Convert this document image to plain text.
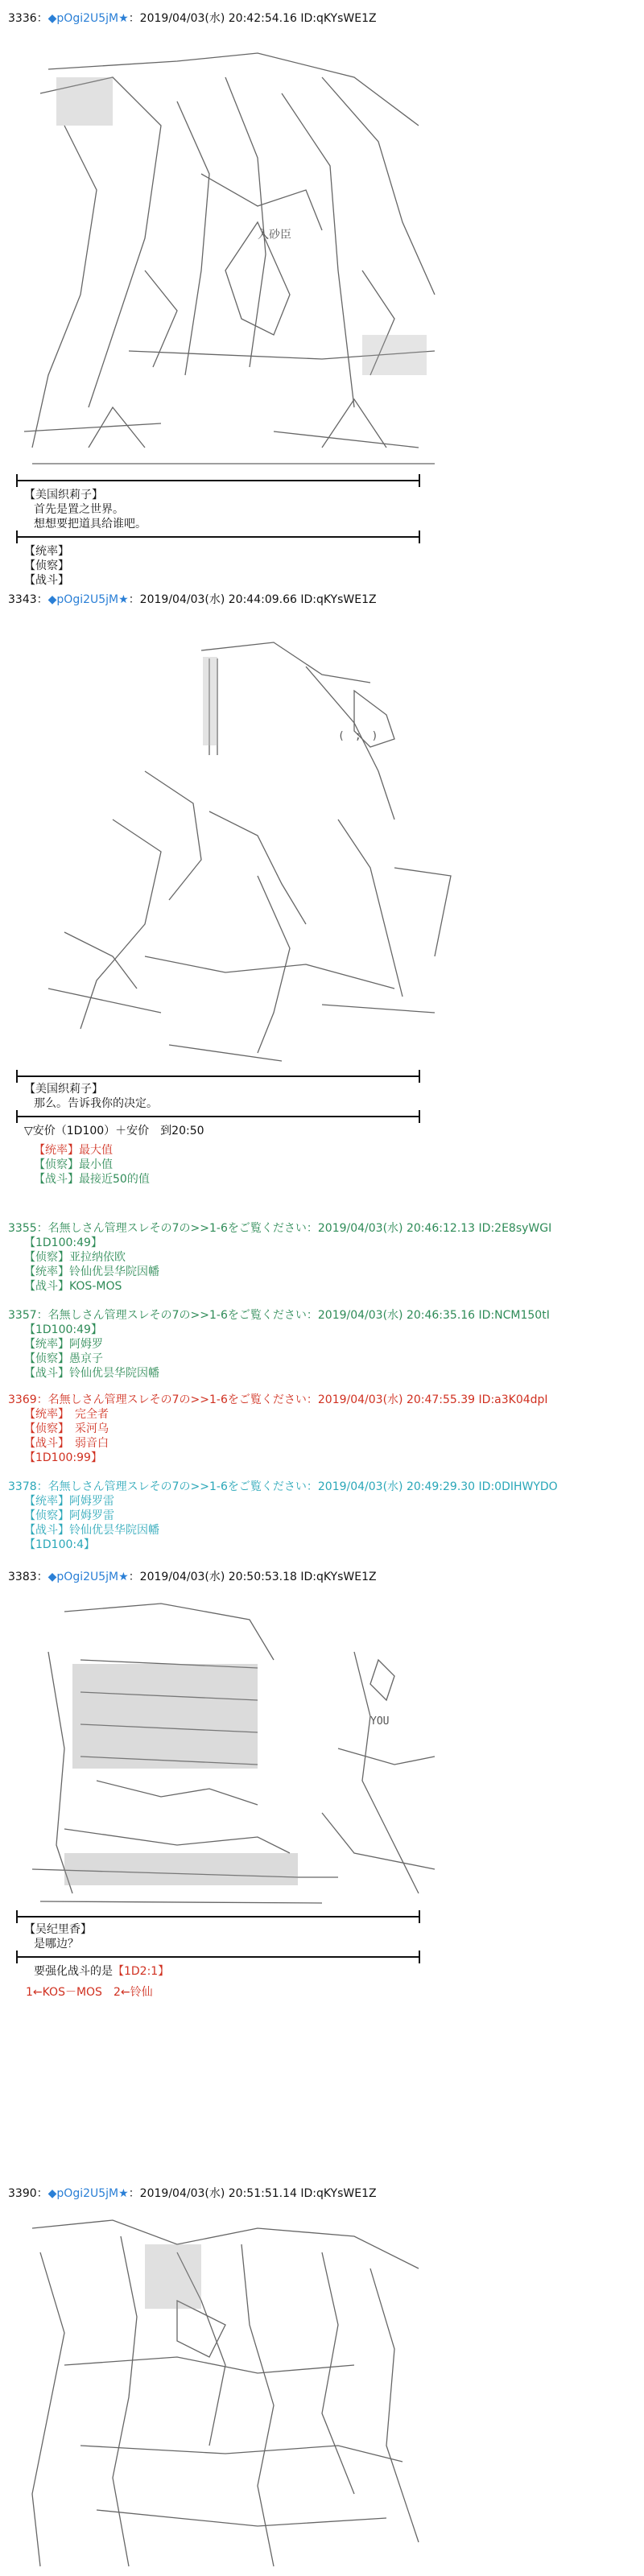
3336：◆pOgi2U5jM★：2019/04/03(水) 20:42:54.16 ID:qKYsWE1Z
入砂臣
【美国织莉子】
首先是置之世界。
想想要把道具给谁吧。
【统率】
【侦察】
【战斗】
3343：◆pOgi2U5jM★：2019/04/03(水) 20:44:09.66 ID:qKYsWE1Z
(　;　)
【美国织莉子】
那么。告诉我你的决定。
▽安价（1D100）＋安价　到20:50
【统率】最大值
【侦察】最小值
【战斗】最接近50的值
3355：名無しさん管理スレその7の>>1-6をご覧ください：2019/04/03(水) 20:46:12.13 ID:2E8syWGI
【1D100:49】
【侦察】亚拉纳依欧
【统率】铃仙优昙华院因幡
【战斗】KOS-MOS
3357：名無しさん管理スレその7の>>1-6をご覧ください：2019/04/03(水) 20:46:35.16 ID:NCM150tI
【1D100:49】
【统率】阿姆罗
【侦察】愚京子
【战斗】铃仙优昙华院因幡
3369：名無しさん管理スレその7の>>1-6をご覧ください：2019/04/03(水) 20:47:55.39 ID:a3K04dpI
【统率】　完全者
【侦察】　采河乌
【战斗】　弱音白
【1D100:99】
3378：名無しさん管理スレその7の>>1-6をご覧ください：2019/04/03(水) 20:49:29.30 ID:0DIHWYDO
【统率】阿姆罗雷
【侦察】阿姆罗雷
【战斗】铃仙优昙华院因幡
【1D100:4】
3383：◆pOgi2U5jM★：2019/04/03(水) 20:50:53.18 ID:qKYsWE1Z
YOU
【吴纪里香】
是哪边？
要强化战斗的是【1D2:1】
1←KOS－MOS　2←铃仙
3390：◆pOgi2U5jM★：2019/04/03(水) 20:51:51.14 ID:qKYsWE1Z
